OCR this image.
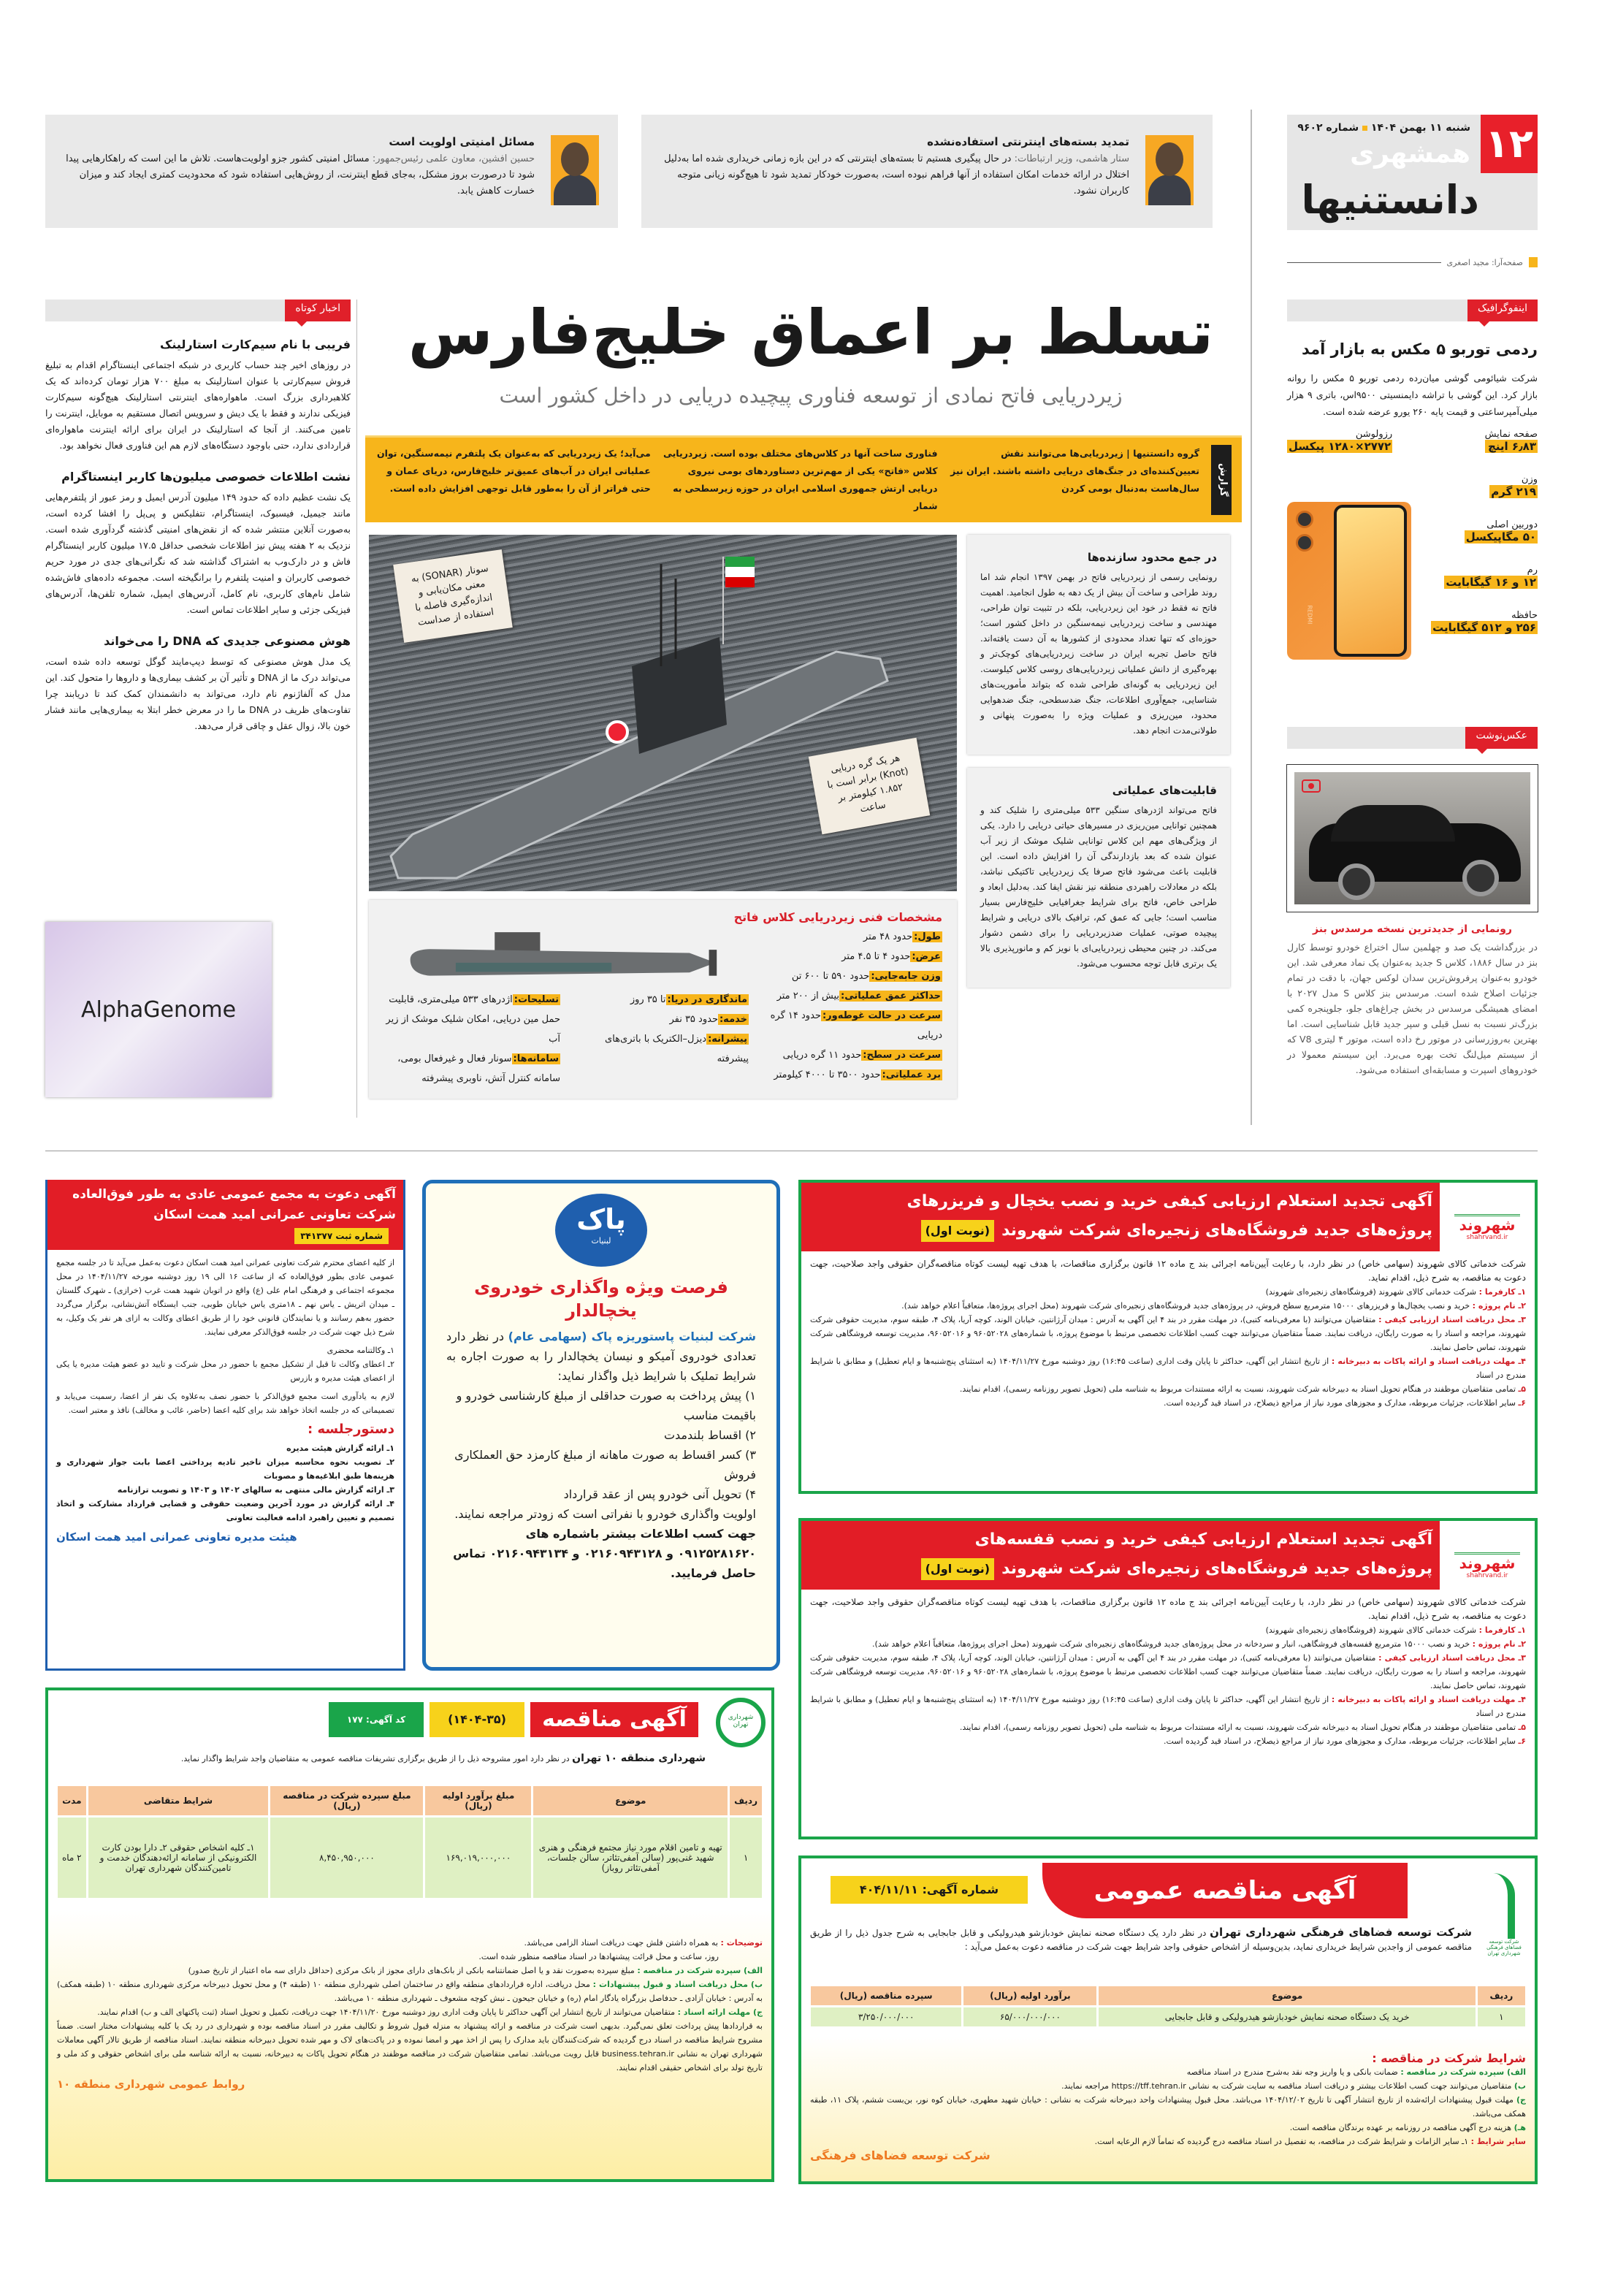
۱۲
شنبه ۱۱ بهمن ۱۴۰۴  شماره ۹۶۰۲
همشهری
دانستنیها
صفحه‌آرا: مجید اصغری
تمدید بسته‌های اینترنتی استفاده‌نشده

ستار هاشمی، وزیر ارتباطات: در حال پیگیری هستیم تا بسته‌های اینترنتی که در این بازه زمانی خریداری شده اما به‌دلیل اختلال در ارائه خدمات امکان استفاده از آنها فراهم نبوده است، به‌صورت خودکار تمدید شود تا هیچ‌گونه زیانی متوجه کاربران نشود.

مسائل امنیتی اولویت است

حسین افشین، معاون علمی رئیس‌جمهور: مسائل امنیتی کشور جزو اولویت‌هاست. تلاش ما این است که راهکارهایی پیدا شود تا درصورت بروز مشکل، به‌جای قطع اینترنت، از روش‌هایی استفاده شود که محدودیت کمتری ایجاد کند و میزان خسارت کاهش یابد.

تسلط بر اعماق خلیج‌فارس
زیردریایی فاتح نمادی از توسعه فناوری پیچیده دریایی در داخل کشور است
گزارش

گروه دانستنیها | زیردریایی‌ها می‌توانند نقش تعیین‌کننده‌ای در جنگ‌های دریایی داشته باشند. ایران نیز سال‌هاست به‌دنبال بومی کردن

فناوری ساخت آنها در کلاس‌های مختلف بوده است. زیردریایی کلاس «فاتح» یکی از مهم‌ترین دستاوردهای بومی نیروی دریایی ارتش جمهوری اسلامی ایران در حوزه زیرسطحی به شمار

می‌آید؛ یک زیردریایی که به‌عنوان یک پلتفرم نیمه‌سنگین، توان عملیاتی ایران در آب‌های عمیق‌تر خلیج‌فارس، دریای عمان و حتی فراتر از آن را به‌طور قابل توجهی افزایش داده است.

سونار (SONAR) به معنی مکان‌یابی و اندازه‌گیری فاصله با استفاده از صداست
هر یک گره دریایی (Knot) برابر است با ۱.۸۵۲ کیلومتر بر ساعت
در جمع محدود سازنده‌ها

رونمایی رسمی از زیردریایی فاتح در بهمن ۱۳۹۷ انجام شد اما روند طراحی و ساخت آن بیش از یک دهه به طول انجامید. اهمیت فاتح نه فقط در خود این زیردریایی، بلکه در تثبیت توان طراحی، مهندسی و ساخت زیردریایی نیمه‌سنگین در داخل کشور است؛ حوزه‌ای که تنها تعداد محدودی از کشورها به آن دست یافته‌اند. فاتح حاصل تجربه ایران در ساخت زیردریایی‌های کوچک‌تر و بهره‌گیری از دانش عملیاتی زیردریایی‌های روسی کلاس کیلوست. این زیردریایی به گونه‌ای طراحی شده که بتواند مأموریت‌های شناسایی، جمع‌آوری اطلاعات، جنگ ضدسطحی، جنگ ضدهوایی محدود، مین‌ریزی و عملیات ویژه را به‌صورت پنهانی و طولانی‌مدت انجام دهد.

قابلیت‌های عملیاتی

فاتح می‌تواند اژدرهای سنگین ۵۳۳ میلی‌متری را شلیک کند و همچنین توانایی مین‌ریزی در مسیرهای حیاتی دریایی را دارد. یکی از ویژگی‌های مهم این کلاس توانایی شلیک موشک از زیر آب عنوان شده که بعد بازدارندگی آن را افزایش داده است. این قابلیت باعث می‌شود فاتح صرفا یک زیردریایی تاکتیکی نباشد، بلکه در معادلات راهبردی منطقه نیز نقش ایفا کند. به‌دلیل ابعاد و طراحی خاص، فاتح برای شرایط جغرافیایی خلیج‌فارس بسیار مناسب است؛ جایی که عمق کم، ترافیک بالای دریایی و شرایط پیچیده صوتی، عملیات ضدزیردریایی را برای دشمن دشوار می‌کند. در چنین محیطی زیردریایی‌ای با نویز کم و مانورپذیری بالا یک برتری قابل توجه محسوب می‌شود.

مشخصات فنی زیردریایی کلاس فاتح
طول:حدود ۴۸ متر
عرض:حدود ۴ تا ۴.۵ متر
وزن جابه‌جایی:حدود ۵۹۰ تا ۶۰۰ تن
حداکثر عمق عملیاتی:بیش از ۲۰۰ متر
سرعت در حالت غوطه‌ور:حدود ۱۴ گره دریایی
سرعت در سطح:حدود ۱۱ گره دریایی
برد عملیاتی:حدود ۳۵۰۰ تا ۴۰۰۰ کیلومتر
ماندگاری در دریا:تا ۳۵ روز
خدمه:حدود ۳۵ نفر
پیشرانه:دیزل–الکتریک با باتری‌های پیشرفته
تسلیحات:اژدرهای ۵۳۳ میلی‌متری، قابلیت حمل مین دریایی، امکان شلیک موشک از زیر آب
سامانه‌ها:سونار فعال و غیرفعال بومی، سامانه کنترل آتش، ناوبری پیشرفته
اخبار کوتاه
فریبی با نام سیم‌کارت استارلینک

در روزهای اخیر چند حساب کاربری در شبکه اجتماعی اینستاگرام اقدام به تبلیغ فروش سیم‌کارتی با عنوان استارلینک به مبلغ ۷۰۰ هزار تومان کرده‌اند که یک کلاهبرداری بزرگ است. ماهواره‌های اینترنتی استارلینک هیچ‌گونه سیم‌کارت فیزیکی ندارند و فقط با یک دیش و سرویس اتصال مستقیم به موبایل، اینترنت را تامین می‌کنند. از آنجا که استارلینک در ایران برای ارائه اینترنت ماهواره‌ای قراردادی ندارد، حتی باوجود دستگاه‌های لازم هم این فناوری فعال نخواهد بود.

نشت اطلاعات خصوصی میلیون‌ها کاربر اینستاگرام

یک نشت عظیم داده که حدود ۱۴۹ میلیون آدرس ایمیل و رمز عبور از پلتفرم‌هایی مانند جیمیل، فیسبوک، اینستاگرام، نتفلیکس و پی‌پل را افشا کرده است، به‌صورت آنلاین منتشر شده که از نقض‌های امنیتی گذشته گردآوری شده است. نزدیک به ۲ هفته پیش نیز اطلاعات شخصی حداقل ۱۷.۵ میلیون کاربر اینستاگرام فاش و در دارک‌وب به اشتراک گذاشته شد که نگرانی‌های جدی در مورد حریم خصوصی کاربران و امنیت پلتفرم را برانگیخته است. مجموعه داده‌های فاش‌شده شامل نام‌های کاربری، نام کامل، آدرس‌های ایمیل، شماره تلفن‌ها، آدرس‌های فیزیکی جزئی و سایر اطلاعات تماس است.

هوش مصنوعی جدیدی که DNA را می‌خواند

یک مدل هوش مصنوعی که توسط دیپ‌مایند گوگل توسعه داده شده است، می‌تواند درک ما از DNA و تأثیر آن بر کشف بیماری‌ها و داروها را متحول کند. این مدل که آلفاژنوم نام دارد، می‌تواند به دانشمندان کمک کند تا دریابند چرا تفاوت‌های ظریف در DNA ما را در معرض خطر ابتلا به بیماری‌هایی مانند فشار خون بالا، زوال عقل و چاقی قرار می‌دهد.

AlphaGenome
اینفوگرافیک
ردمی توربو ۵ مکس به بازار آمد

شرکت شیائومی گوشی میان‌رده ردمی توربو ۵ مکس را روانه بازار کرد. این گوشی با تراشه دایمنسیتی ۹۵۰۰اس، باتری ۹ هزار میلی‌آمپرساعتی و قیمت پایه ۲۶۰ یورو عرضه شده است.

REDMI
صفحه نمایش
۶٫۸۳ اینچ
رزولوشن
۲۷۷۲×۱۲۸۰ پیکسل
وزن
۲۱۹ گرم
دوربین اصلی
۵۰ مگاپیکسل
رم
۱۲ و ۱۶ گیگابایت
حافظه
۲۵۶ و ۵۱۲ گیگابایت
عکس‌نوشت
رونمایی از جدیدترین نسخه مرسدس بنز

در بزرگداشت یک صد و چهلمین سال اختراع خودرو توسط کارل بنز در سال ۱۸۸۶، کلاس S جدید به‌عنوان یک نماد معرفی شد. این خودرو به‌عنوان پرفروش‌ترین سدان لوکس جهان، با دقت در تمام جزئیات اصلاح شده است. مرسدس بنز کلاس S مدل ۲۰۲۷ با امضای همیشگی مرسدس در بخش چراغ‌های جلو، جلوپنجره کمی بزرگ‌تر نسبت به نسل قبلی و سپر جدید قابل شناسایی است. اما بهترین به‌روزرسانی در موتور رخ داده است، موتور ۴ لیتری V8 که از سیستم میل‌لنگ تخت بهره می‌برد. این سیستم معمولا در خودروهای اسپرت و مسابقه‌ای استفاده می‌شود.

آگهی تجدید استعلام ارزیابی کیفی خرید و نصب یخچال و فریزرهای
پروژه‌های جدید فروشگاه‌های زنجیره‌ای شرکت شهروند(نوبت اول)	شهروند
shahrvand.ir

شرکت خدماتی کالای شهروند (سهامی خاص) در نظر دارد، با رعایت آیین‌نامه اجرائی بند ج ماده ۱۲ قانون برگزاری مناقصات، با هدف تهیه لیست کوتاه مناقصه‌گران حقوقی واجد صلاحیت، جهت دعوت به مناقصه، به شرح ذیل، اقدام نماید.

۱ـ کارفرما : شرکت خدماتی کالای شهروند (فروشگاه‌های زنجیره‌ای شهروند)

۲ـ نام پروژه : خرید و نصب یخچال‌ها و فریزرهای ۱۵۰۰۰ مترمربع سطح فروش، در پروژه‌های جدید فروشگاه‌های زنجیره‌ای شرکت شهروند (محل اجرای پروژه‌ها، متعاقباً اعلام خواهد شد).

۳ـ محل دریافت اسناد ارزیابی کیفی : متقاضیان می‌توانند (با معرفی‌نامه کتبی)، در مهلت مقرر در بند ۴ این آگهی به آدرس : میدان آرژانتین، خیابان الوند، کوچه آریا، پلاک ۴، طبقه سوم، مدیریت حقوقی شرکت شهروند، مراجعه و اسناد را به صورت رایگان، دریافت نمایند. ضمناً متقاضیان می‌توانند جهت کسب اطلاعات تخصصی مرتبط با موضوع پروژه، با شماره‌های ۹۶۰۵۲۰۲۸ و ۹۶۰۵۲۰۱۶، مدیریت توسعه فروشگاهی شرکت شهروند، تماس حاصل نمایند.

۴ـ مهلت دریافت اسناد و ارائه پاکات به دبیرخانه : از تاریخ انتشار این آگهی، حداکثر تا پایان وقت اداری (ساعت ۱۶:۴۵) روز دوشنبه مورخ ۱۴۰۴/۱۱/۲۷ (به استثنای پنج‌شنبه‌ها و ایام تعطیل) و مطابق با شرایط مندرج در اسناد

۵ـ تمامی متقاضیان موظفند در هنگام تحویل اسناد به دبیرخانه شرکت شهروند، نسبت به ارائه مستندات مربوط به شناسه ملی (تحویل تصویر روزنامه رسمی)، اقدام نمایند.

۶ـ سایر اطلاعات، جزئیات مربوطه، مدارک و مجوزهای مورد نیاز از مراجع ذیصلاح، در اسناد قید گردیده است.

آگهی تجدید استعلام ارزیابی کیفی خرید و نصب قفسه‌های
پروژه‌های جدید فروشگاه‌های زنجیره‌ای شرکت شهروند(نوبت اول)	شهروند
shahrvand.ir

شرکت خدماتی کالای شهروند (سهامی خاص) در نظر دارد، با رعایت آیین‌نامه اجرائی بند ج ماده ۱۲ قانون برگزاری مناقصات، با هدف تهیه لیست کوتاه مناقصه‌گران حقوقی واجد صلاحیت، جهت دعوت به مناقصه، به شرح ذیل، اقدام نماید.

۱ـ کارفرما : شرکت خدماتی کالای شهروند (فروشگاه‌های زنجیره‌ای شهروند)

۲ـ نام پروژه : خرید و نصب ۱۵۰۰۰ مترمربع قفسه‌های فروشگاهی، انبار و سردخانه در محل پروژه‌های جدید فروشگاه‌های زنجیره‌ای شرکت شهروند (محل اجرای پروژه‌ها، متعاقباً اعلام خواهد شد).

۳ـ محل دریافت اسناد ارزیابی کیفی : متقاضیان می‌توانند (با معرفی‌نامه کتبی)، در مهلت مقرر در بند ۴ این آگهی به آدرس : میدان آرژانتین، خیابان الوند، کوچه آریا، پلاک ۴، طبقه سوم، مدیریت حقوقی شرکت شهروند، مراجعه و اسناد را به صورت رایگان، دریافت نمایند. ضمناً متقاضیان می‌توانند جهت کسب اطلاعات تخصصی مرتبط با موضوع پروژه، با شماره‌های ۹۶۰۵۲۰۲۸ و ۹۶۰۵۲۰۱۶، مدیریت توسعه فروشگاهی شرکت شهروند، تماس حاصل نمایند.

۴ـ مهلت دریافت اسناد و ارائه پاکات به دبیرخانه : از تاریخ انتشار این آگهی، حداکثر تا پایان وقت اداری (ساعت ۱۶:۴۵) روز دوشنبه مورخ ۱۴۰۴/۱۱/۲۷ (به استثنای پنج‌شنبه‌ها و ایام تعطیل) و مطابق با شرایط مندرج در اسناد

۵ـ تمامی متقاضیان موظفند در هنگام تحویل اسناد به دبیرخانه شرکت شهروند، نسبت به ارائه مستندات مربوط به شناسه ملی (تحویل تصویر روزنامه رسمی)، اقدام نمایند.

۶ـ سایر اطلاعات، جزئیات مربوطه، مدارک و مجوزهای مورد نیاز از مراجع ذیصلاح، در اسناد قید گردیده است.

آگهی مناقصه عمومی
شماره آگهی: ۴۰۴/۱۱/۱۱
شرکت توسعه فضاهای فرهنگی شهرداری تهران

شرکت توسعه فضاهای فرهنگی شهرداری تهران در نظر دارد یک دستگاه صحنه نمایش خودبازشو هیدرولیکی و قابل جابجایی به شرح جدول ذیل را از طریق مناقصه عمومی از واجدین شرایط خریداری نماید، بدین‌وسیله از اشخاص حقوقی واجد شرایط جهت شرکت در مناقصه دعوت به‌عمل می‌آید :

ردیف	موضوع	برآورد اولیه (ریال)	سپرده مناقصه (ریال)
۱	خرید یک دستگاه صحنه نمایش خودبازشو هیدرولیکی و قابل جابجایی	۶۵/۰۰۰/۰۰۰/۰۰۰	۳/۲۵۰/۰۰۰/۰۰۰
شرایط شرکت در مناقصه :

الف) سپرده شرکت در مناقصه : ضمانت بانکی و یا واریز وجه نقد به‌شرح مندرج در اسناد مناقصه

ب) متقاضیان می‌توانند جهت کسب اطلاعات بیشتر و دریافت اسناد مناقصه به سایت شرکت به نشانی https://tff.tehran.ir مراجعه نمایند.

ج) مهلت قبول پیشنهادات ارائه‌شده از تاریخ انتشار آگهی تا تاریخ ۱۴۰۴/۱۲/۰۲ می‌باشد. محل قبول پیشنهادات واحد دبیرخانه شرکت به نشانی : خیابان شهید مطهری، خیابان کوه نور، بن‌بست ششم، پلاک ۱۱، طبقه همکف می‌باشد.

هـ) هزینه درج آگهی مناقصه در روزنامه بر عهده برندگان مناقصه است.

سایر شرایط : ۱ـ سایر الزامات و شرایط شرکت در مناقصه، به تفصیل در اسناد مناقصه درج گردیده که تماماً لازم الرعایه است.

شرکت توسعه فضاهای فرهنگی
پاک
لبنیات
فرصت ویژه واگذاری خودروی یخچالدار

شرکت لبنیات پاستوریزه پاک (سهامی عام) در نظر دارد تعدادی خودروی آمیکو و نیسان یخچالدار را به صورت اجاره به شرایط تملیک با شرایط ذیل واگذار نماید:

۱) پیش پرداخت به صورت حداقلی از مبلغ کارشناسی خودرو و باقیمت مناسب

۲) اقساط بلندمدت

۳) کسر اقساط به صورت ماهانه از مبلغ کارمزد حق العملکاری فروش

۴) تحویل آنی خودرو پس از عقد قرارداد

اولویت واگذاری خودرو با نفراتی است که زودتر مراجعه نمایند.

جهت کسب اطلاعات بیشتر باشماره های ۰۹۱۲۵۲۸۱۶۲۰ و ۰۲۱۶۰۹۴۳۱۲۸ و ۰۲۱۶۰۹۴۳۱۳۴ تماس حاصل فرمایید.

آگهی دعوت به مجمع عمومی عادی به طور فوق‌العاده
شرکت تعاونی عمرانی امید همت اسکانشماره ثبت ۳۴۱۳۷۷

از کلیه اعضای محترم شرکت تعاونی عمرانی امید همت اسکان دعوت به‌عمل می‌آید تا در جلسه مجمع عمومی عادی بطور فوق‌العاده که از ساعت ۱۶ الی ۱۹ روز دوشنبه مورخه ۱۴۰۴/۱۱/۲۷ در محل مجموعه اجتماعی و فرهنگی امام علی (ع) واقع در اتوبان شهید همت غرب (خرازی) ـ شهرک گلستان ـ میدان اتریش ـ یاس نهم ـ ۱۸متری یاس خیابان طوبی، جنب ایستگاه آتش‌نشانی، برگزار می‌گردد حضور به‌هم رسانند و یا نمایندگان قانونی خود را از طریق اعطای وکالت به ازای هر نفر یک وکیل، به شرح ذیل جهت شرکت در جلسه فوق‌الذکر معرفی نمایند.

۱ـ وکالتنامه محضری

۲ـ اعطای وکالت تا قبل از تشکیل مجمع با حضور در محل شرکت و تایید دو عضو هیئت مدیره یا یکی از اعضای هیئت مدیره و بازرس

لازم به یادآوری است مجمع فوق‌الذکر با حضور نصف به‌علاوه یک نفر از اعضا، رسمیت می‌یابد و تصمیماتی که در جلسه اتخاذ خواهد شد برای کلیه اعضا (حاضر، غائب و مخالف) نافذ و معتبر است.

دستورجلسه :

۱ـ ارائه گزارش هیئت مدیره

۲ـ تصویب نحوه محاسبه میزان تاخیر تادیه پرداختی اعضا بابت جواز شهرداری و هزینه‌ها طبق ابلاغیه‌ها و مصوبات

۳ـ ارائه گزارش مالی منتهی به سالهای ۱۴۰۲ و ۱۴۰۳ و تصویب ترازنامه

۴ـ ارائه گزارش در مورد آخرین وضعیت حقوقی و قضایی قرارداد مشارکت و اتخاذ تصمیم و تعیین راهبرد ادامه فعالیت تعاونی

هیئت مدیره تعاونی عمرانی امید همت اسکان
شهرداری تهران
آگهی مناقصه
(۱۴۰۴-۳۵)
کد آگهی: ۱۷۷

شهرداری منطقه ۱۰ تهران در نظر دارد امور مشروحه ذیل را از طریق برگزاری تشریفات مناقصه عمومی به متقاضیان واجد شرایط واگذار نماید.

ردیف	موضوع	مبلغ برآورد اولیه (ریال)	مبلغ سپرده شرکت در مناقصه (ریال)	شرایط متقاضی	مدت
۱	تهیه و تامین اقلام مورد نیاز مجتمع فرهنگی و هنری شهید غنی‌پور (سالن آمفی‌تئاتر، سالن جلسات، آمفی‌تئاتر روباز)	۱۶۹,۰۱۹,۰۰۰,۰۰۰	۸,۴۵۰,۹۵۰,۰۰۰	۱ـ کلیه اشخاص حقوقی ۲ـ دارا بودن کارت الکترونیکی از سامانه ارائه‌دهندگان خدمت و تامین‌کنندگان شهرداری تهران	۲ ماه

توضیحات : به همراه داشتن فلش جهت دریافت اسناد الزامی می‌باشد.

روز، ساعت و محل قرائت پیشنهادها در اسناد مناقصه منظور شده است.

الف) سپرده شرکت در مناقصه : مبلغ سپرده به‌صورت نقد و یا اصل ضمانتنامه بانکی از بانک‌های دارای مجوز از بانک مرکزی (حداقل دارای سه ماه اعتبار از تاریخ صدور)

ب) محل دریافت اسناد و قبول پیشنهادات : محل دریافت، اداره قراردادهای منطقه واقع در ساختمان اصلی شهرداری منطقه ۱۰ (طبقه ۴) و محل تحویل دبیرخانه مرکزی شهرداری منطقه ۱۰ (طبقه همکف) به آدرس : خیابان آزادی ـ حدفاصل بزرگراه یادگار امام (ره) و خیابان جیحون ـ نبش کوچه مشعوف ـ شهرداری منطقه ۱۰ می‌باشد.

ج) مهلت ارائه اسناد : متقاضیان می‌توانند از تاریخ انتشار این آگهی حداکثر تا پایان وقت اداری روز دوشنبه مورخ ۱۴۰۴/۱۱/۲۰ جهت دریافت، تکمیل و تحویل اسناد (ثبت پاکتهای الف و ب) اقدام نمایند.

به قراردادها پیش پرداخت تعلق نمی‌گیرد. بدیهی است شرکت در مناقصه و ارائه پیشنهاد به منزله قبول شروط و تکالیف مقرر در اسناد مناقصه بوده و شهرداری در رد یک یا کلیه پیشنهادات مختار است. ضمناً مشروح شرایط مناقصه در اسناد درج گردیده که شرکت‌کنندگان باید مدارک را پس از اخذ مهر و امضا نموده و در پاکت‌های لاک و مهر شده تحویل دبیرخانه منطقه نمایند. اسناد مناقصه از طریق تالار آگهی معاملات شهرداری تهران به نشانی business.tehran.ir قابل رویت می‌باشد. تمامی متقاضیان شرکت در مناقصه موظفند در هنگام تحویل پاکات به دبیرخانه، نسبت به ارائه شناسه ملی برای اشخاص حقوقی و کد ملی و تاریخ تولد برای اشخاص حقیقی اقدام نمایند.

روابط عمومی شهرداری منطقه ۱۰
